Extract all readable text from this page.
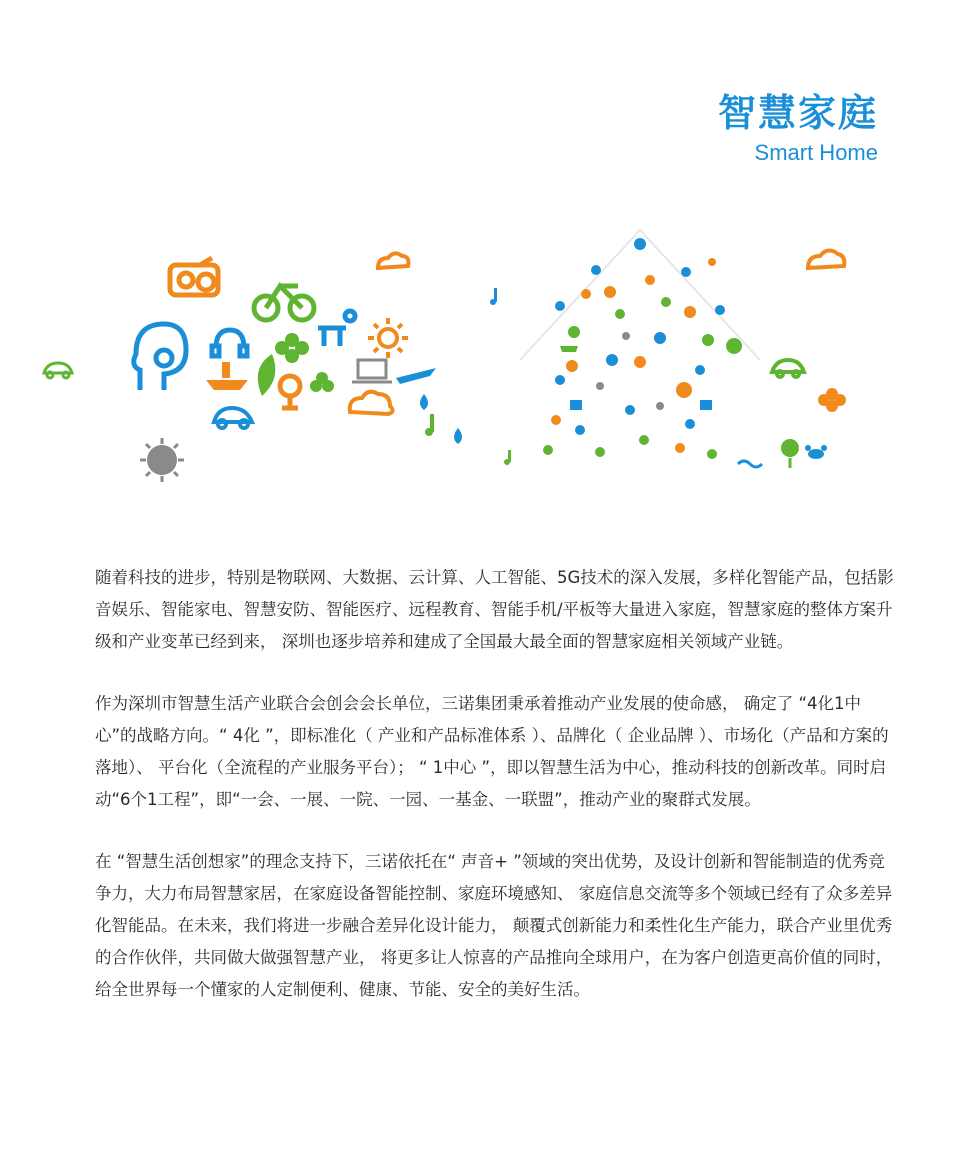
智慧家庭
Smart Home

随着科技的进步，特别是物联网、大数据、云计算、人工智能、5G技术的深入发展，多样化智能产品，包括影音娱乐、智能家电、智慧安防、智能医疗、远程教育、智能手机/平板等大量进入家庭，智慧家庭的整体方案升级和产业变革已经到来， 深圳也逐步培养和建成了全国最大最全面的智慧家庭相关领域产业链。

作为深圳市智慧生活产业联合会创会会长单位，三诺集团秉承着推动产业发展的使命感， 确定了 “4化1中心”的战略方向。“ 4化 ”，即标准化（ 产业和产品标准体系 ）、品牌化（ 企业品牌 ）、市场化（产品和方案的落地）、 平台化（全流程的产业服务平台）； “ 1中心 ”，即以智慧生活为中心，推动科技的创新改革。同时启动“6个1工程”，即“一会、一展、一院、一园、一基金、一联盟”，推动产业的聚群式发展。

在 “智慧生活创想家”的理念支持下，三诺依托在“ 声音+ ”领域的突出优势，及设计创新和智能制造的优秀竞争力，大力布局智慧家居，在家庭设备智能控制、家庭环境感知、 家庭信息交流等多个领域已经有了众多差异化智能品。在未来，我们将进一步融合差异化设计能力， 颠覆式创新能力和柔性化生产能力，联合产业里优秀的合作伙伴，共同做大做强智慧产业， 将更多让人惊喜的产品推向全球用户，在为客户创造更高价值的同时， 给全世界每一个懂家的人定制便利、健康、节能、安全的美好生活。
